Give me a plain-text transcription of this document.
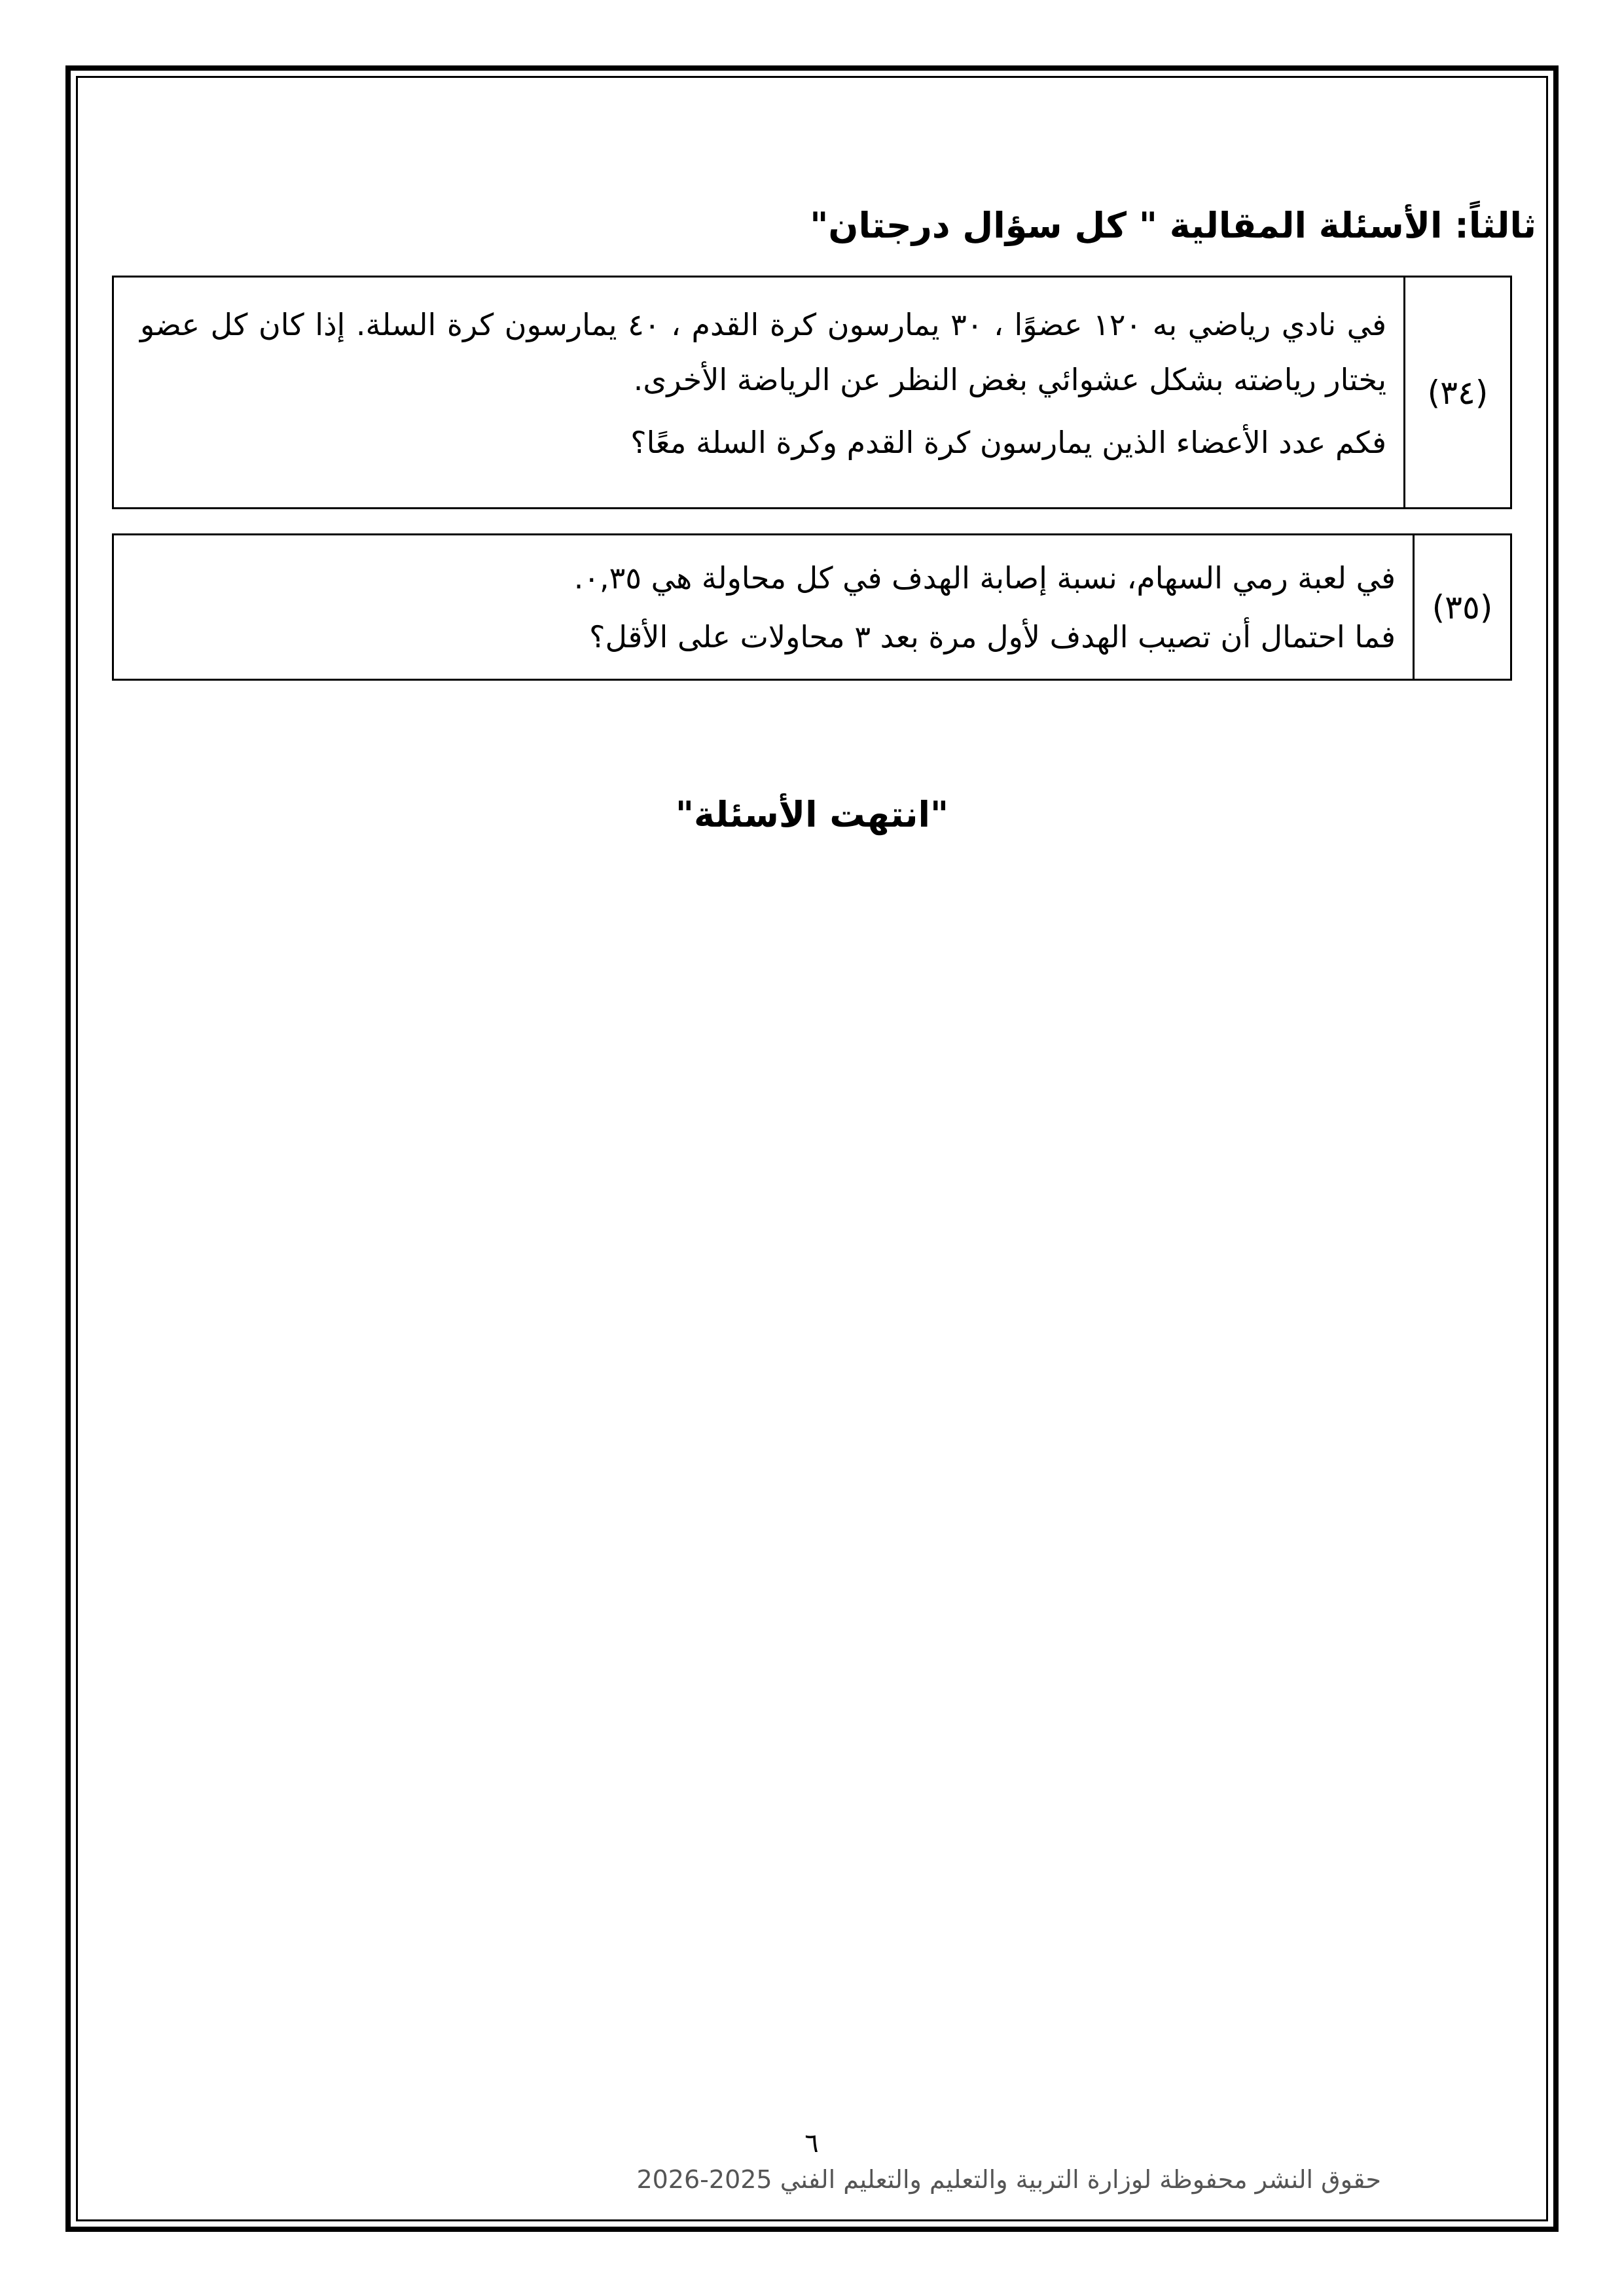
ثالثاً: الأسئلة المقالية " كل سؤال درجتان"
(٣٤)

في نادي رياضي به ١٢٠ عضوًا ، ٣٠ يمارسون كرة القدم ، ٤٠ يمارسون كرة السلة. إذا كان كل عضو يختار رياضته بشكل عشوائي بغض النظر عن الرياضة الأخرى.

فكم عدد الأعضاء الذين يمارسون كرة القدم وكرة السلة معًا؟

(٣٥)

في لعبة رمي السهام، نسبة إصابة الهدف في كل محاولة هي ٠,٣٥.

فما احتمال أن تصيب الهدف لأول مرة بعد ٣ محاولات على الأقل؟

"انتهت الأسئلة"
٦
حقوق النشر محفوظة لوزارة التربية والتعليم والتعليم الفني 2025-2026
